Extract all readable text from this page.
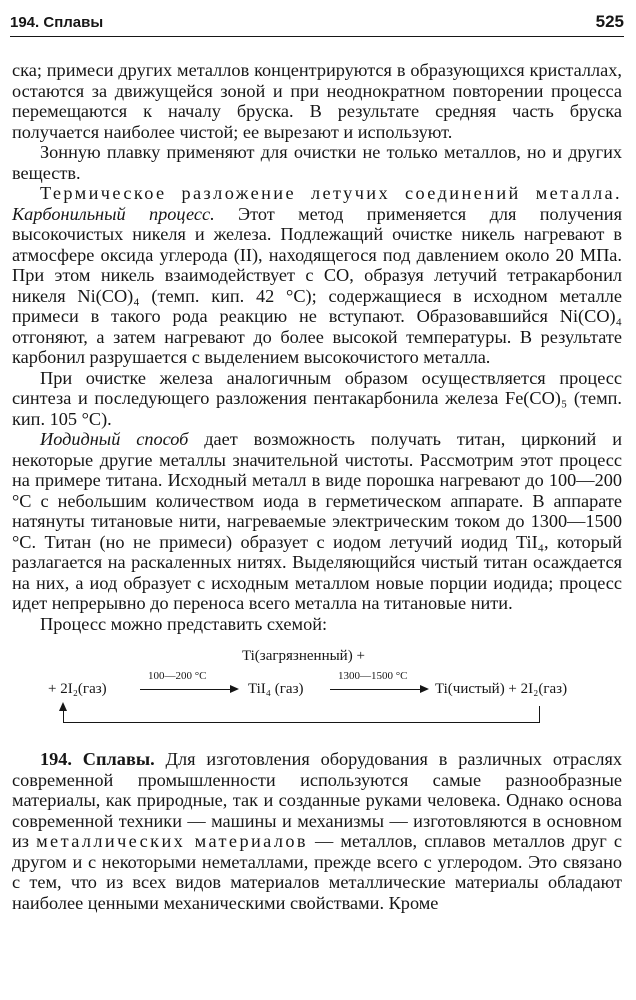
194. Сплавы	525

ска; примеси других металлов концентрируются в образующихся кристаллах, остаются за движущейся зоной и при неоднократном повторении процесса перемещаются к началу бруска. В результате средняя часть бруска получается наиболее чистой; ее вырезают и используют.

Зонную плавку применяют для очистки не только металлов, но и других веществ.

Термическое разложение летучих соединений металла. Карбонильный процесс. Этот метод применяется для получения высокочистых никеля и железа. Подлежащий очистке никель нагревают в атмосфере оксида углерода (II), находящегося под давлением около 20 МПа. При этом никель взаимодействует с CO, образуя летучий тетракарбонил никеля Ni(CO)₄ (темп. кип. 42 °C); содержащиеся в исходном металле примеси в такого рода реакцию не вступают. Образовавшийся Ni(CO)₄ отгоняют, а затем нагревают до более высокой температуры. В результате карбонил разрушается с выделением высокочистого металла.

При очистке железа аналогичным образом осуществляется процесс синтеза и последующего разложения пентакарбонила железа Fe(CO)₅ (темп. кип. 105 °C).

Иодидный способ дает возможность получать титан, цирконий и некоторые другие металлы значительной чистоты. Рассмотрим этот процесс на примере титана. Исходный металл в виде порошка нагревают до 100—200 °C с небольшим количеством иода в герметическом аппарате. В аппарате натянуты титановые нити, нагреваемые электрическим током до 1300—1500 °C. Титан (но не примеси) образует с иодом летучий иодид TiI₄, который разлагается на раскаленных нитях. Выделяющийся чистый титан осаждается на них, а иод образует с исходным металлом новые порции иодида; процесс идет непрерывно до переноса всего металла на титановые нити.

Процесс можно представить схемой:

Ti(загрязненный) +
+ 2I₂(газ)
100—200 °C
TiI₄ (газ)
1300—1500 °C
Ti(чистый) + 2I₂(газ)

194. Сплавы. Для изготовления оборудования в различных отраслях современной промышленности используются самые разнообразные материалы, как природные, так и созданные руками человека. Однако основа современной техники — машины и механизмы — изготовляются в основном из металлических материалов — металлов, сплавов металлов друг с другом и с некоторыми неметаллами, прежде всего с углеродом. Это связано с тем, что из всех видов материалов металлические материалы обладают наиболее ценными механическими свойствами. Кроме
